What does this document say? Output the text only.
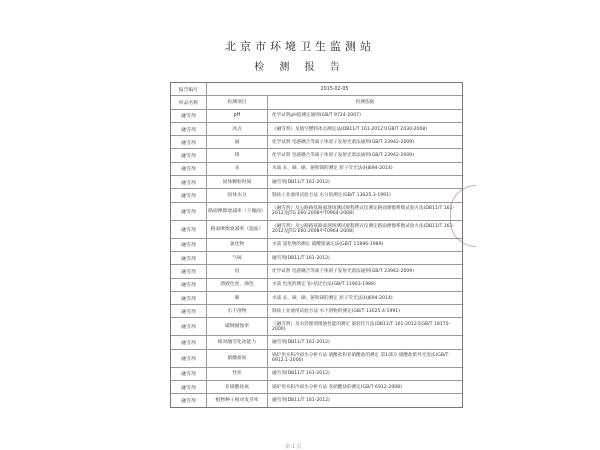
北京市环境卫生监测站
检 测 报 告
报告编号	2015-02-05
样品名称	检测项目	检测依据
融雪剂	pH	化学试剂pH值测定通则(GB/T 9724-2007)
融雪剂	冰点	《融雪剂》及航空燃料冰点测定法(DB11/T 161-2012及GB/T 2430-2008)
融雪剂	镉	化学试剂 电感耦合等离子体原子发射光谱法通则(GB/T 23942-2009)
融雪剂	铬	化学试剂 电感耦合等离子体原子发射光谱法通则(GB/T 23942-2009)
融雪剂	汞	水质 汞、砷、硒、铋和锑的测定 原子荧光法(HJ694-2014)
融雪剂	固体颗粒时间	融雪剂(DB11/T 161-2012)
融雪剂	固体水分	制盐工业通用试验方法 水分的测定(GB/T 13025.3-1991)
融雪剂	路面摩擦衰减率（干燥面）	《融雪剂》及公路路基路面现场测试规程摆式仪测定路面摩擦系数试验方法(DB11/T 161-2012及JTG E60-2008中T0964-2008)
融雪剂	路面摩擦衰减率（湿面）	《融雪剂》及公路路基路面现场测试规程摆式仪测定路面摩擦系数试验方法(DB11/T 161-2012及JTG E60-2008中T0964-2008)
融雪剂	氯化物	水质 氯化物的测定 硝酸银滴定法(GB/T 11896-1989)
融雪剂	气味	融雪剂(DB11/T 161-2012)
融雪剂	铅	化学试剂 电感耦合等离子体原子发射光谱法通则(GB/T 23942-2009)
融雪剂	溶液色度、颜色	水质 色度的测定 铂-钴比色法(GB/T 11903-1989)
融雪剂	砷	水质 汞、砷、硒、铋和锑的测定 原子荧光法(HJ694-2014)
融雪剂	水不溶物	制盐工业通用试验方法 水不溶物的测定(GB/T 13025.4-1991)
融雪剂	碳钢腐蚀率	《融雪剂》及水处理剂缓蚀性能的测定 旋转挂片法(DB11/T 161-2012及GB/T 18175-2000)
融雪剂	相对融雪化冰能力	融雪剂(DB11/T 161-2012)
融雪剂	硝酸盐氮	锅炉用水和冷却水分析方法 硝酸盐和亚硝酸盐的测定 第1部分 硝酸盐紫外光度法(GB/T 6912.1-2006)
融雪剂	性状	融雪剂(DB11/T 161-2012)
融雪剂	亚硝酸盐氮	锅炉用水和冷却水分析方法 亚硝酸盐的测定(GB/T 6912-2008)
融雪剂	植物种子相对发芽率	融雪剂(DB11/T 161-2012)
第 1 页
